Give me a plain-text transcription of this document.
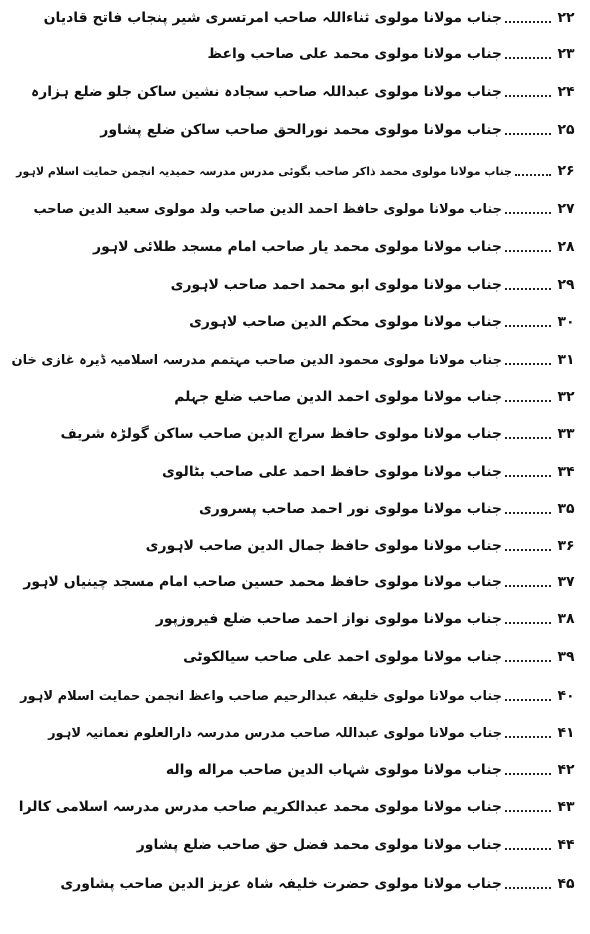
۲۲
جناب مولانا مولوی ثناءاللہ صاحب امرتسری شیر پنجاب فاتح قادیان
۲۳
جناب مولانا مولوی محمد علی صاحب واعظ
۲۴
جناب مولانا مولوی عبداللہ صاحب سجادہ نشین ساکن جلو ضلع ہزارہ
۲۵
جناب مولانا مولوی محمد نورالحق صاحب ساکن ضلع پشاور
۲۶
جناب مولانا مولوی محمد ذاکر صاحب بگوئی مدرس مدرسہ حمیدیہ انجمن حمایت اسلام لاہور
۲۷
جناب مولانا مولوی حافظ احمد الدین صاحب ولد مولوی سعید الدین صاحب
۲۸
جناب مولانا مولوی محمد یار صاحب امام مسجد طلائی لاہور
۲۹
جناب مولانا مولوی ابو محمد احمد صاحب لاہوری
۳۰
جناب مولانا مولوی محکم الدین صاحب لاہوری
۳۱
جناب مولانا مولوی محمود الدین صاحب مہتمم مدرسہ اسلامیہ ڈیرہ غازی خان
۳۲
جناب مولانا مولوی احمد الدین صاحب ضلع جہلم
۳۳
جناب مولانا مولوی حافظ سراج الدین صاحب ساکن گولڑہ شریف
۳۴
جناب مولانا مولوی حافظ احمد علی صاحب بٹالوی
۳۵
جناب مولانا مولوی نور احمد صاحب پسروری
۳۶
جناب مولانا مولوی حافظ جمال الدین صاحب لاہوری
۳۷
جناب مولانا مولوی حافظ محمد حسین صاحب امام مسجد چینیاں لاہور
۳۸
جناب مولانا مولوی نواز احمد صاحب ضلع فیروزپور
۳۹
جناب مولانا مولوی احمد علی صاحب سیالکوٹی
۴۰
جناب مولانا مولوی خلیفہ عبدالرحیم صاحب واعظ انجمن حمایت اسلام لاہور
۴۱
جناب مولانا مولوی عبداللہ صاحب مدرس مدرسہ دارالعلوم نعمانیہ لاہور
۴۲
جناب مولانا مولوی شہاب الدین صاحب مراله واله
۴۳
جناب مولانا مولوی محمد عبدالکریم صاحب مدرس مدرسہ اسلامی کالرا
۴۴
جناب مولانا مولوی محمد فضل حق صاحب ضلع پشاور
۴۵
جناب مولانا مولوی حضرت خلیفہ شاہ عزیز الدین صاحب پشاوری
